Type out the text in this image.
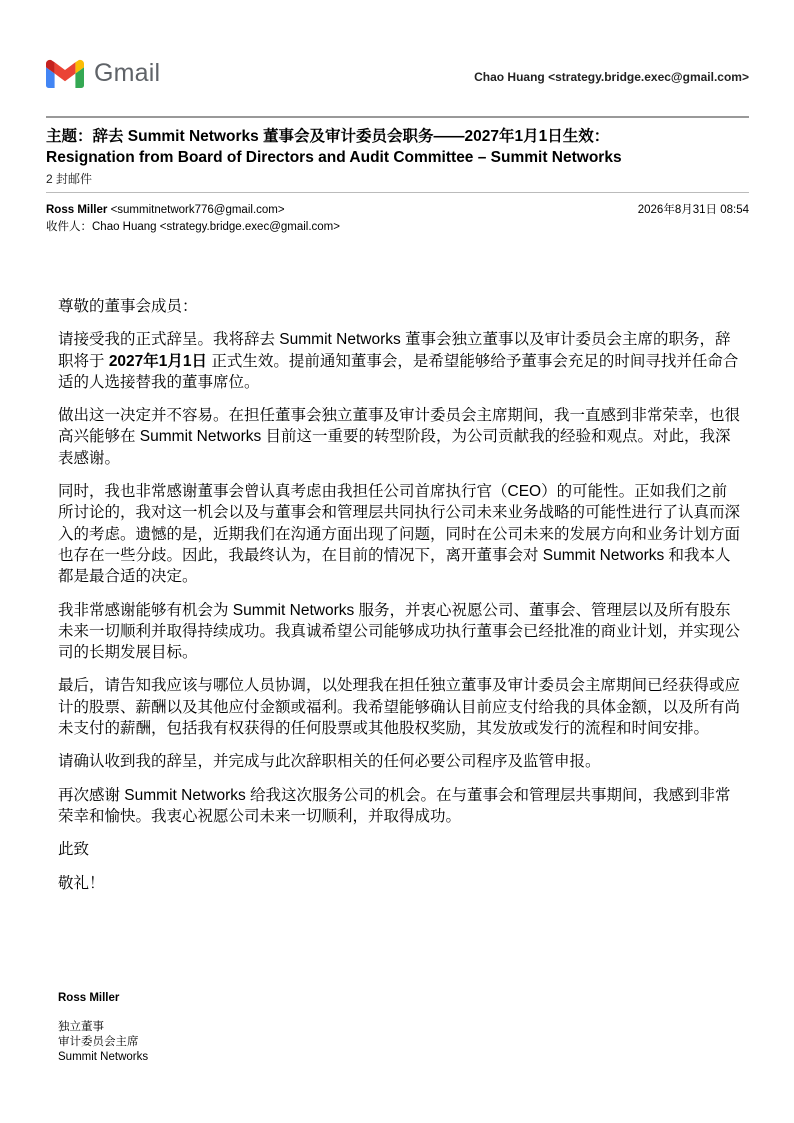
Gmail	Chao Huang <strategy.bridge.exec@gmail.com>
主题：辞去 Summit Networks 董事会及审计委员会职务——2027年1月1日生效：
Resignation from Board of Directors and Audit Committee – Summit Networks
2 封邮件
Ross Miller <summitnetwork776@gmail.com>	2026年8月31日 08:54
收件人：Chao Huang <strategy.bridge.exec@gmail.com>

尊敬的董事会成员：

请接受我的正式辞呈。我将辞去 Summit Networks 董事会独立董事以及审计委员会主席的职务，辞职将于 2027年1月1日 正式生效。提前通知董事会，是希望能够给予董事会充足的时间寻找并任命合适的人选接替我的董事席位。

做出这一决定并不容易。在担任董事会独立董事及审计委员会主席期间，我一直感到非常荣幸，也很高兴能够在 Summit Networks 目前这一重要的转型阶段，为公司贡献我的经验和观点。对此，我深表感谢。

同时，我也非常感谢董事会曾认真考虑由我担任公司首席执行官（CEO）的可能性。正如我们之前所讨论的，我对这一机会以及与董事会和管理层共同执行公司未来业务战略的可能性进行了认真而深入的考虑。遗憾的是，近期我们在沟通方面出现了问题，同时在公司未来的发展方向和业务计划方面也存在一些分歧。因此，我最终认为，在目前的情况下，离开董事会对 Summit Networks 和我本人都是最合适的决定。

我非常感谢能够有机会为 Summit Networks 服务，并衷心祝愿公司、董事会、管理层以及所有股东未来一切顺利并取得持续成功。我真诚希望公司能够成功执行董事会已经批准的商业计划，并实现公司的长期发展目标。

最后，请告知我应该与哪位人员协调，以处理我在担任独立董事及审计委员会主席期间已经获得或应计的股票、薪酬以及其他应付金额或福利。我希望能够确认目前应支付给我的具体金额，以及所有尚未支付的薪酬，包括我有权获得的任何股票或其他股权奖励，其发放或发行的流程和时间安排。

请确认收到我的辞呈，并完成与此次辞职相关的任何必要公司程序及监管申报。

再次感谢 Summit Networks 给我这次服务公司的机会。在与董事会和管理层共事期间，我感到非常荣幸和愉快。我衷心祝愿公司未来一切顺利，并取得成功。

此致

敬礼！

Ross Miller
独立董事
审计委员会主席
Summit Networks
